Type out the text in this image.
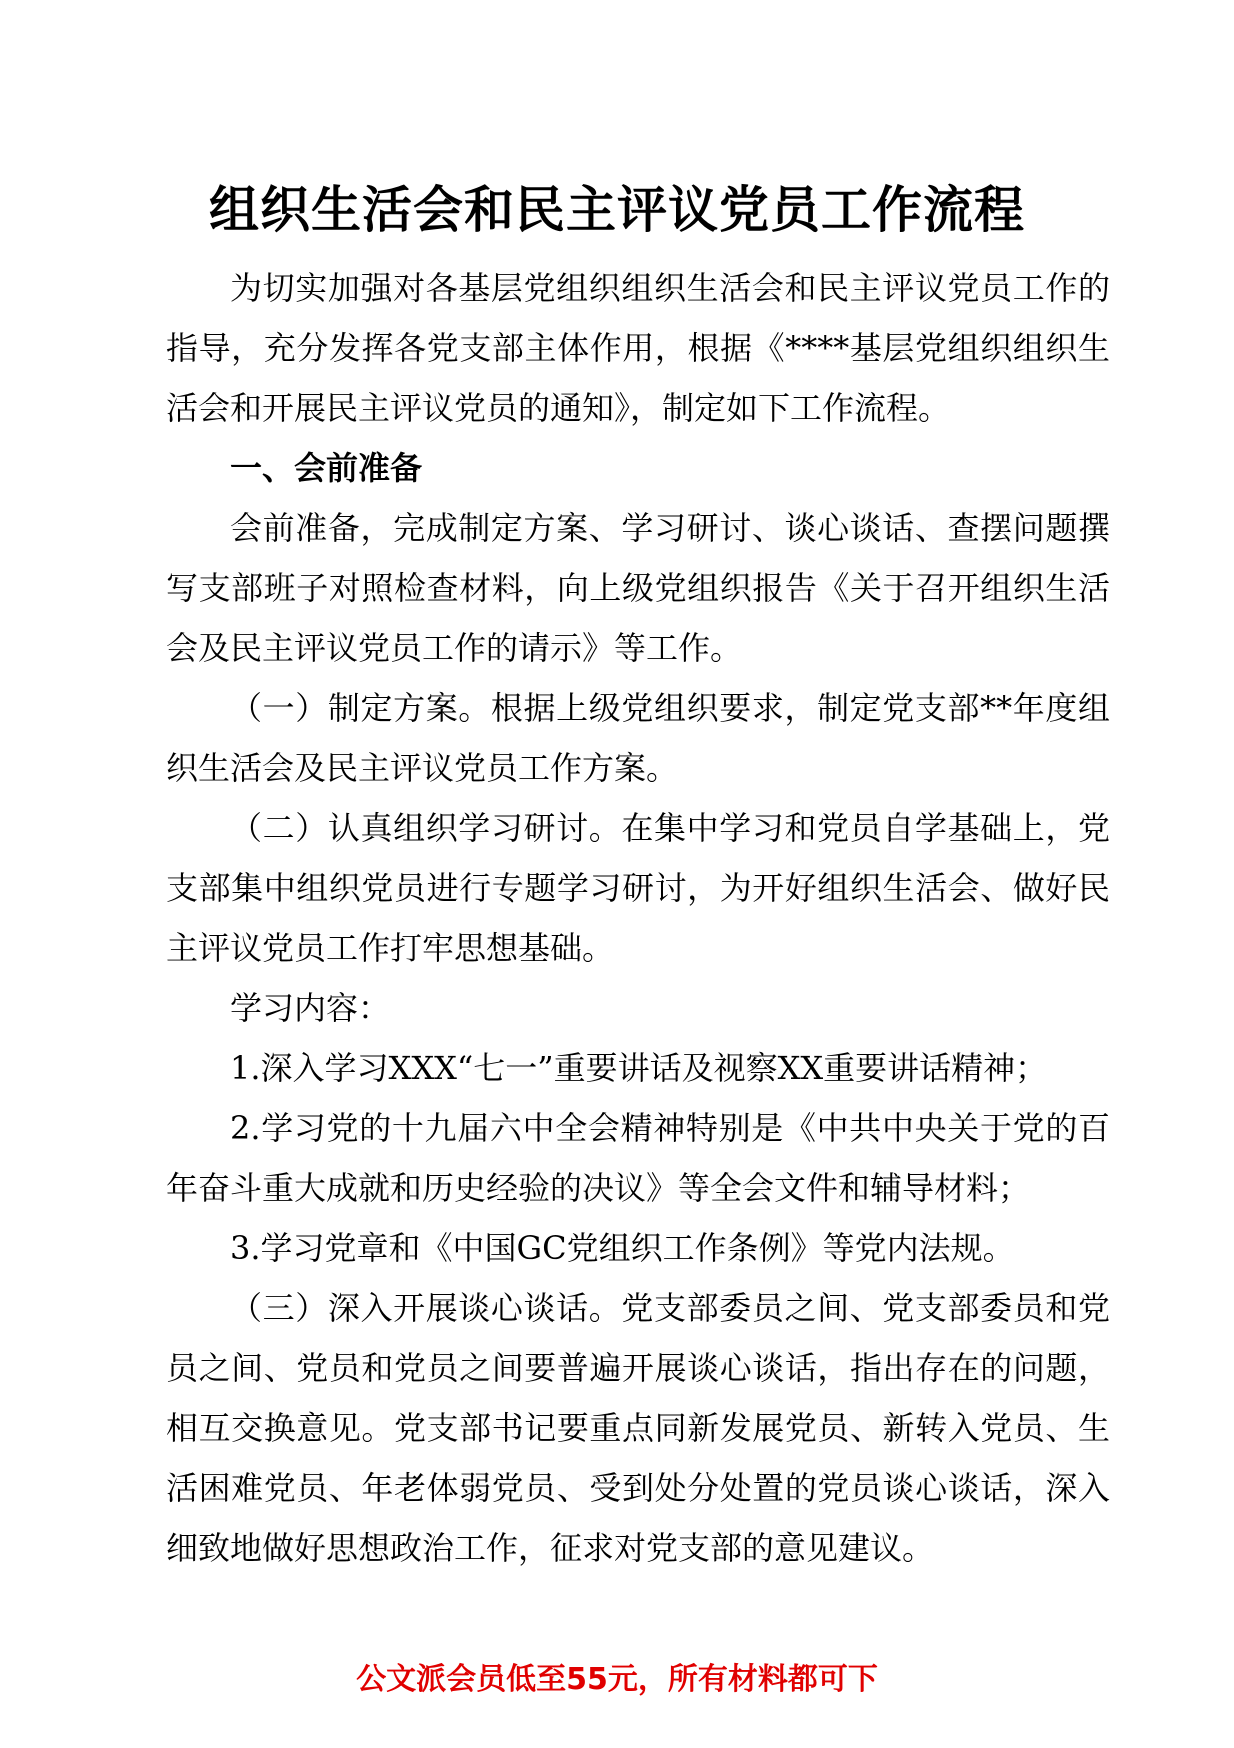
组织生活会和民主评议党员工作流程

为切实加强对各基层党组织组织生活会和民主评议党员工作的指导，充分发挥各党支部主体作用，根据《****基层党组织组织生活会和开展民主评议党员的通知》，制定如下工作流程。

一、会前准备

会前准备，完成制定方案、学习研讨、谈心谈话、查摆问题撰写支部班子对照检查材料，向上级党组织报告《关于召开组织生活会及民主评议党员工作的请示》等工作。

（一）制定方案。根据上级党组织要求，制定党支部**年度组织生活会及民主评议党员工作方案。

（二）认真组织学习研讨。在集中学习和党员自学基础上，党支部集中组织党员进行专题学习研讨，为开好组织生活会、做好民主评议党员工作打牢思想基础。

学习内容：

1.深入学习XXX“七一”重要讲话及视察XX重要讲话精神；

2.学习党的十九届六中全会精神特别是《中共中央关于党的百年奋斗重大成就和历史经验的决议》等全会文件和辅导材料；

3.学习党章和《中国GC党组织工作条例》等党内法规。

（三）深入开展谈心谈话。党支部委员之间、党支部委员和党员之间、党员和党员之间要普遍开展谈心谈话，指出存在的问题，相互交换意见。党支部书记要重点同新发展党员、新转入党员、生活困难党员、年老体弱党员、受到处分处置的党员谈心谈话，深入细致地做好思想政治工作，征求对党支部的意见建议。

公文派会员低至55元，所有材料都可下
